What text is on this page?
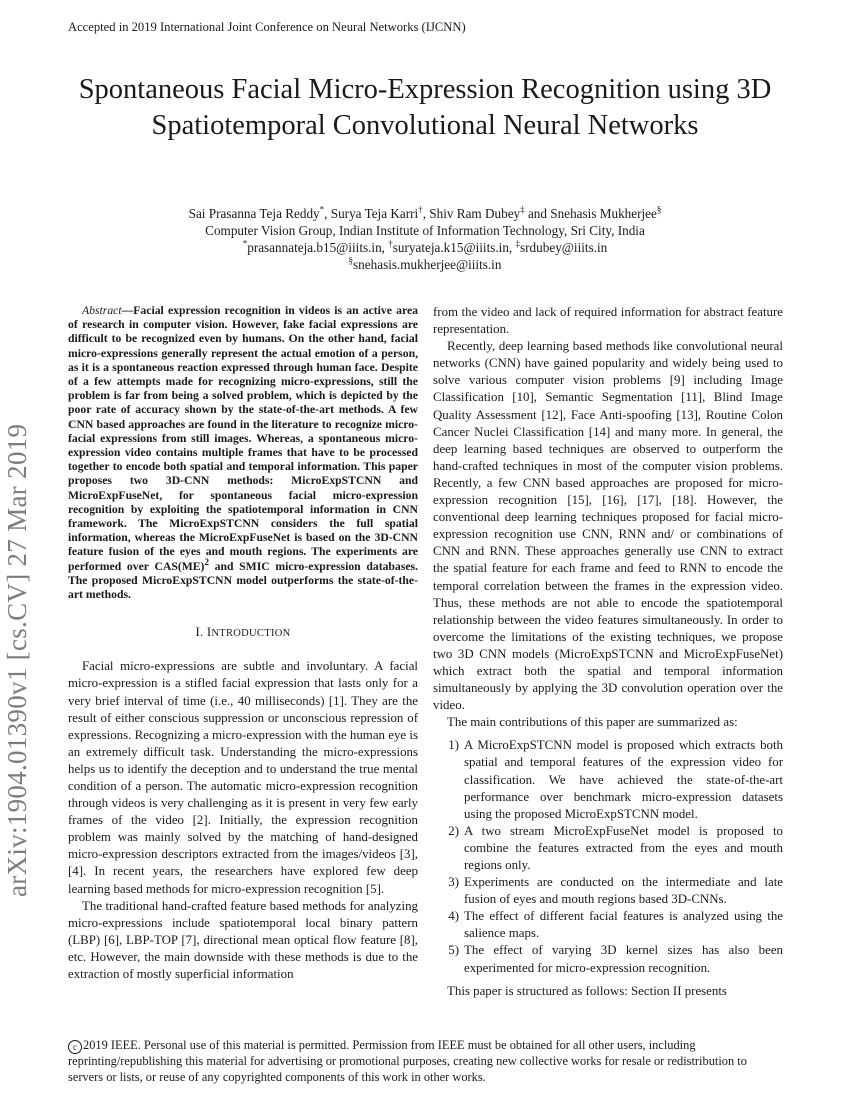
Accepted in 2019 International Joint Conference on Neural Networks (IJCNN)
Spontaneous Facial Micro-Expression Recognition using 3D Spatiotemporal Convolutional Neural Networks
Sai Prasanna Teja Reddy*, Surya Teja Karri†, Shiv Ram Dubey‡ and Snehasis Mukherjee§
Computer Vision Group, Indian Institute of Information Technology, Sri City, India
*prasannateja.b15@iiits.in, †suryateja.k15@iiits.in, ‡srdubey@iiits.in
§snehasis.mukherjee@iiits.in
arXiv:1904.01390v1 [cs.CV] 27 Mar 2019

Abstract—Facial expression recognition in videos is an active area of research in computer vision. However, fake facial expressions are difficult to be recognized even by humans. On the other hand, facial micro-expressions generally represent the actual emotion of a person, as it is a spontaneous reaction expressed through human face. Despite of a few attempts made for recognizing micro-expressions, still the problem is far from being a solved problem, which is depicted by the poor rate of accuracy shown by the state-of-the-art methods. A few CNN based approaches are found in the literature to recognize micro-facial expressions from still images. Whereas, a spontaneous micro-expression video contains multiple frames that have to be processed together to encode both spatial and temporal information. This paper proposes two 3D-CNN methods: MicroExpSTCNN and MicroExpFuseNet, for spontaneous facial micro-expression recognition by exploiting the spatiotemporal information in CNN framework. The MicroExpSTCNN considers the full spatial information, whereas the MicroExpFuseNet is based on the 3D-CNN feature fusion of the eyes and mouth regions. The experiments are performed over CAS(ME)$^2$ and SMIC micro-expression databases. The proposed MicroExpSTCNN model outperforms the state-of-the-art methods.

I. INTRODUCTION

Facial micro-expressions are subtle and involuntary. A facial micro-expression is a stifled facial expression that lasts only for a very brief interval of time (i.e., 40 milliseconds) [1]. They are the result of either conscious suppression or unconscious repression of expressions. Recognizing a micro-expression with the human eye is an extremely difficult task. Understanding the micro-expressions helps us to identify the deception and to understand the true mental condition of a person. The automatic micro-expression recognition through videos is very challenging as it is present in very few early frames of the video [2]. Initially, the expression recognition problem was mainly solved by the matching of hand-designed micro-expression descriptors extracted from the images/videos [3], [4]. In recent years, the researchers have explored few deep learning based methods for micro-expression recognition [5].

The traditional hand-crafted feature based methods for analyzing micro-expressions include spatiotemporal local binary pattern (LBP) [6], LBP-TOP [7], directional mean optical flow feature [8], etc. However, the main downside with these methods is due to the extraction of mostly superficial information

from the video and lack of required information for abstract feature representation.

Recently, deep learning based methods like convolutional neural networks (CNN) have gained popularity and widely being used to solve various computer vision problems [9] including Image Classification [10], Semantic Segmentation [11], Blind Image Quality Assessment [12], Face Anti-spoofing [13], Routine Colon Cancer Nuclei Classification [14] and many more. In general, the deep learning based techniques are observed to outperform the hand-crafted techniques in most of the computer vision problems. Recently, a few CNN based approaches are proposed for micro-expression recognition [15], [16], [17], [18]. However, the conventional deep learning techniques proposed for facial micro-expression recognition use CNN, RNN and/ or combinations of CNN and RNN. These approaches generally use CNN to extract the spatial feature for each frame and feed to RNN to encode the temporal correlation between the frames in the expression video. Thus, these methods are not able to encode the spatiotemporal relationship between the video features simultaneously. In order to overcome the limitations of the existing techniques, we propose two 3D CNN models (MicroExpSTCNN and MicroExpFuseNet) which extract both the spatial and temporal information simultaneously by applying the 3D convolution operation over the video.

The main contributions of this paper are summarized as:

1) A MicroExpSTCNN model is proposed which extracts both spatial and temporal features of the expression video for classification. We have achieved the state-of-the-art performance over benchmark micro-expression datasets using the proposed MicroExpSTCNN model.
2) A two stream MicroExpFuseNet model is proposed to combine the features extracted from the eyes and mouth regions only.
3) Experiments are conducted on the intermediate and late fusion of eyes and mouth regions based 3D-CNNs.
4) The effect of different facial features is analyzed using the salience maps.
5) The effect of varying 3D kernel sizes has also been experimented for micro-expression recognition.

This paper is structured as follows: Section II presents

c 2019 IEEE. Personal use of this material is permitted. Permission from IEEE must be obtained for all other users, including
reprinting/republishing this material for advertising or promotional purposes, creating new collective works for resale or redistribution to
servers or lists, or reuse of any copyrighted components of this work in other works.
